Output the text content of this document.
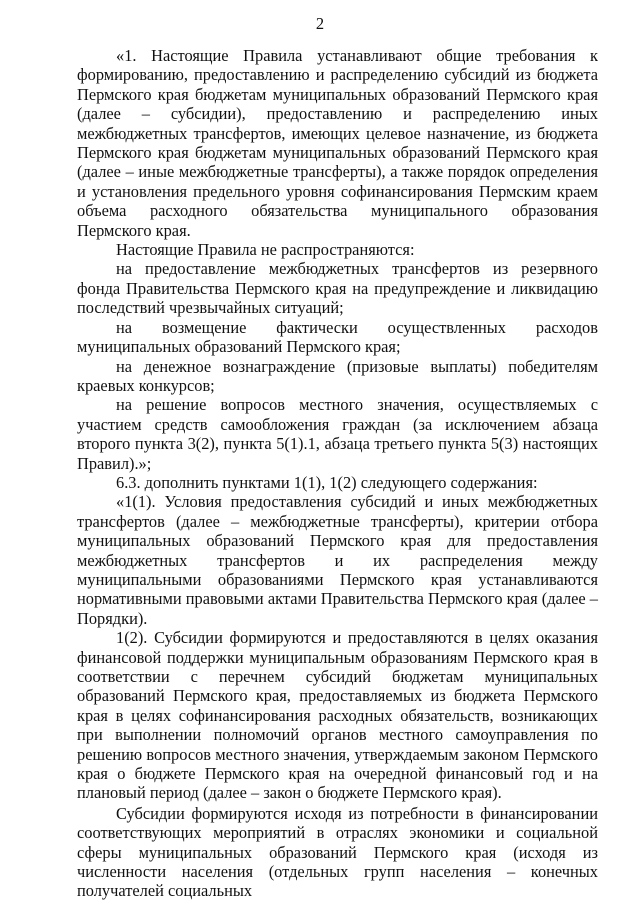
2

«1. Настоящие Правила устанавливают общие требования к формированию, предоставлению и распределению субсидий из бюджета Пермского края бюджетам муниципальных образований Пермского края (далее – субсидии), предоставлению и распределению иных межбюджетных трансфертов, имеющих целевое назначение, из бюджета Пермского края бюджетам муниципальных образований Пермского края (далее – иные межбюджетные трансферты), а также порядок определения и установления предельного уровня софинансирования Пермским краем объема расходного обязательства муниципального образования Пермского края.

Настоящие Правила не распространяются:

на предоставление межбюджетных трансфертов из резервного фонда Правительства Пермского края на предупреждение и ликвидацию последствий чрезвычайных ситуаций;

на возмещение фактически осуществленных расходов муниципальных образований Пермского края;

на денежное вознаграждение (призовые выплаты) победителям краевых конкурсов;

на решение вопросов местного значения, осуществляемых с участием средств самообложения граждан (за исключением абзаца второго пункта 3(2), пункта 5(1).1, абзаца третьего пункта 5(3) настоящих Правил).»;

6.3. дополнить пунктами 1(1), 1(2) следующего содержания:

«1(1). Условия предоставления субсидий и иных межбюджетных трансфертов (далее – межбюджетные трансферты), критерии отбора муниципальных образований Пермского края для предоставления межбюджетных трансфертов и их распределения между муниципальными образованиями Пермского края устанавливаются нормативными правовыми актами Правительства Пермского края (далее – Порядки).

1(2). Субсидии формируются и предоставляются в целях оказания финансовой поддержки муниципальным образованиям Пермского края в соответствии с перечнем субсидий бюджетам муниципальных образований Пермского края, предоставляемых из бюджета Пермского края в целях софинансирования расходных обязательств, возникающих при выполнении полномочий органов местного самоуправления по решению вопросов местного значения, утверждаемым законом Пермского края о бюджете Пермского края на очередной финансовый год и на плановый период (далее – закон о бюджете Пермского края).

Субсидии формируются исходя из потребности в финансировании соответствующих мероприятий в отраслях экономики и социальной сферы муниципальных образований Пермского края (исходя из численности населения (отдельных групп населения – конечных получателей социальных
